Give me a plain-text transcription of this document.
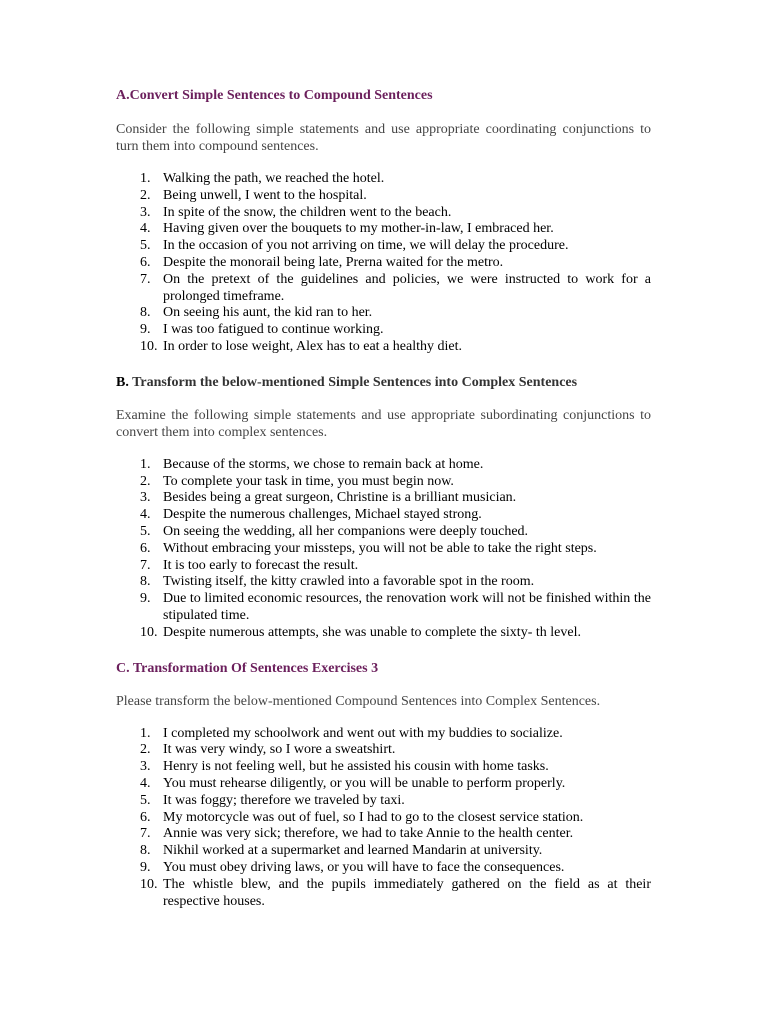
A.Convert Simple Sentences to Compound Sentences

Consider the following simple statements and use appropriate coordinating conjunctions to turn them into compound sentences.

1. Walking the path, we reached the hotel.
2. Being unwell, I went to the hospital.
3. In spite of the snow, the children went to the beach.
4. Having given over the bouquets to my mother-in-law, I embraced her.
5. In the occasion of you not arriving on time, we will delay the procedure.
6. Despite the monorail being late, Prerna waited for the metro.
7. On the pretext of the guidelines and policies, we were instructed to work for a prolonged timeframe.
8. On seeing his aunt, the kid ran to her.
9. I was too fatigued to continue working.
10. In order to lose weight, Alex has to eat a healthy diet.
B. Transform the below-mentioned Simple Sentences into Complex Sentences

Examine the following simple statements and use appropriate subordinating conjunctions to convert them into complex sentences.

1. Because of the storms, we chose to remain back at home.
2. To complete your task in time, you must begin now.
3. Besides being a great surgeon, Christine is a brilliant musician.
4. Despite the numerous challenges, Michael stayed strong.
5. On seeing the wedding, all her companions were deeply touched.
6. Without embracing your missteps, you will not be able to take the right steps.
7. It is too early to forecast the result.
8. Twisting itself, the kitty crawled into a favorable spot in the room.
9. Due to limited economic resources, the renovation work will not be finished within the stipulated time.
10. Despite numerous attempts, she was unable to complete the sixty- th level.
C. Transformation Of Sentences Exercises 3

Please transform the below-mentioned Compound Sentences into Complex Sentences.

1. I completed my schoolwork and went out with my buddies to socialize.
2. It was very windy, so I wore a sweatshirt.
3. Henry is not feeling well, but he assisted his cousin with home tasks.
4. You must rehearse diligently, or you will be unable to perform properly.
5. It was foggy; therefore we traveled by taxi.
6. My motorcycle was out of fuel, so I had to go to the closest service station.
7. Annie was very sick; therefore, we had to take Annie to the health center.
8. Nikhil worked at a supermarket and learned Mandarin at university.
9. You must obey driving laws, or you will have to face the consequences.
10. The whistle blew, and the pupils immediately gathered on the field as at their respective houses.
